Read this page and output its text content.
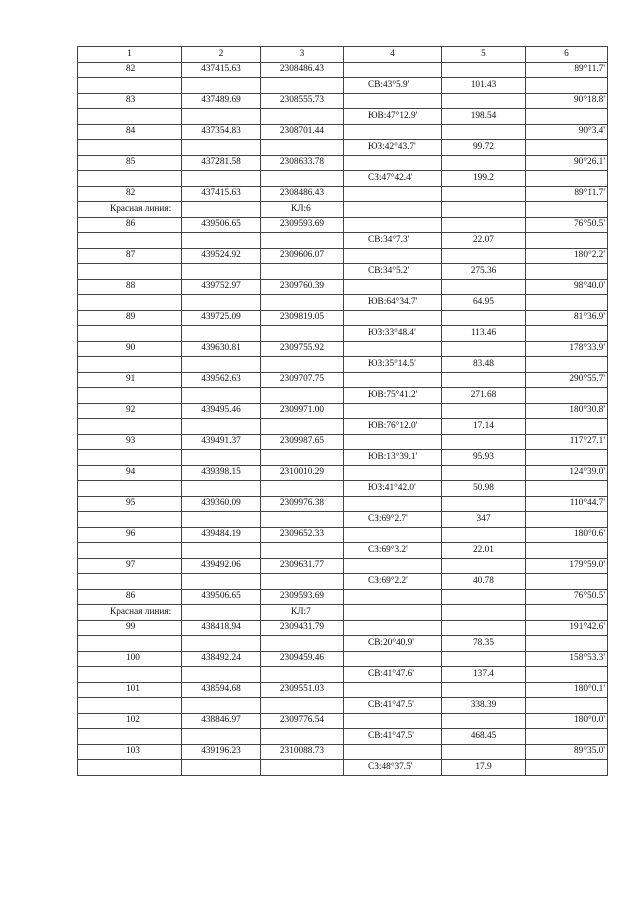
1	2	3	4	5	6
82	437415.63	2308486.43			89°11.7'
			СВ:43°5.9'	101.43	
83	437489.69	2308555.73			90°18.8'
			ЮВ:47°12.9'	198.54	
84	437354.83	2308701.44			90°3.4'
			ЮЗ:42°43.7'	99.72	
85	437281.58	2308633.78			90°26.1'
			СЗ:47°42.4'	199.2	
82	437415.63	2308486.43			89°11.7'
Красная линия:		КЛ:6			
86	439506.65	2309593.69			76°50.5'
			СВ:34°7.3'	22.07	
87	439524.92	2309606.07			180°2.2'
			СВ:34°5.2'	275.36	
88	439752.97	2309760.39			98°40.0'
			ЮВ:64°34.7'	64.95	
89	439725.09	2309819.05			81°36.9'
			ЮЗ:33°48.4'	113.46	
90	439630.81	2309755.92			178°33.9'
			ЮЗ:35°14.5'	83.48	
91	439562.63	2309707.75			290°55.7'
			ЮВ:75°41.2'	271.68	
92	439495.46	2309971.00			180°30.8'
			ЮВ:76°12.0'	17.14	
93	439491.37	2309987.65			117°27.1'
			ЮВ:13°39.1'	95.93	
94	439398.15	2310010.29			124°39.0'
			ЮЗ:41°42.0'	50.98	
95	439360.09	2309976.38			110°44.7'
			СЗ:69°2.7'	347	
96	439484.19	2309652.33			180°0.6'
			СЗ:69°3.2'	22.01	
97	439492.06	2309631.77			179°59.0'
			СЗ:69°2.2'	40.78	
86	439506.65	2309593.69			76°50.5'
Красная линия:		КЛ:7			
99	438418.94	2309431.79			191°42.6'
			СВ:20°40.9'	78.35	
100	438492.24	2309459.46			158°53.3'
			СВ:41°47.6'	137.4	
101	438594.68	2309551.03			180°0.1'
			СВ:41°47.5'	338.39	
102	438846.97	2309776.54			180°0.0'
			СВ:41°47.5'	468.45	
103	439196.23	2310088.73			89°35.0'
			СЗ:48°37.5'	17.9	
